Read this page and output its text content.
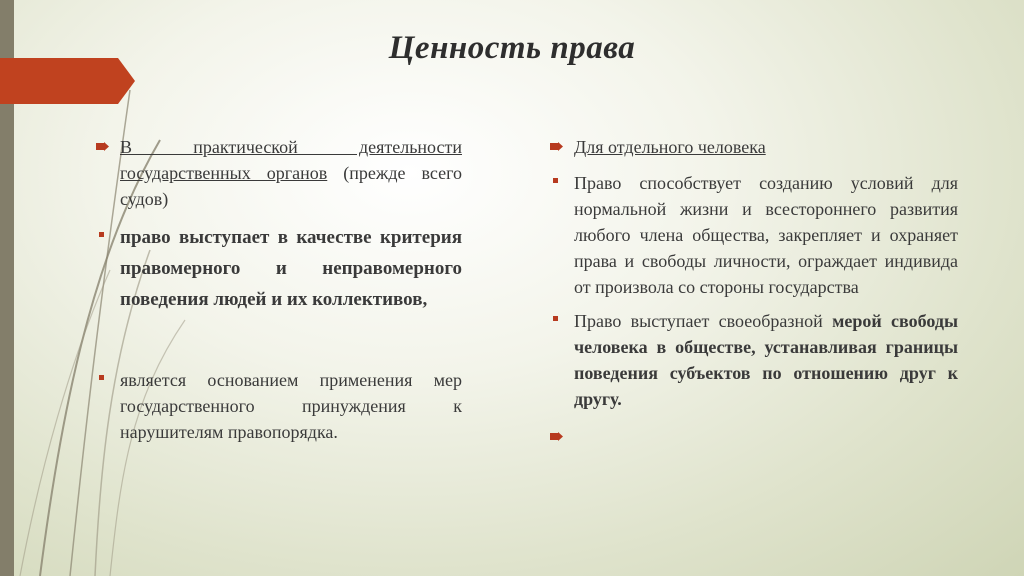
Ценность права
В практической деятельности государственных органов (прежде всего судов)
право выступает в качестве критерия правомерного и неправомерного поведения людей и их коллективов,
является основанием применения мер государственного принуждения к нарушителям правопорядка.
Для отдельного человека
Право способствует созданию условий для нормальной жизни и всестороннего развития любого члена общества, закрепляет и охраняет права и свободы личности, ограждает индивида от произвола со стороны государства
Право выступает своеобразной мерой свободы человека в обществе, устанавливая границы поведения субъектов по отношению друг к другу.
